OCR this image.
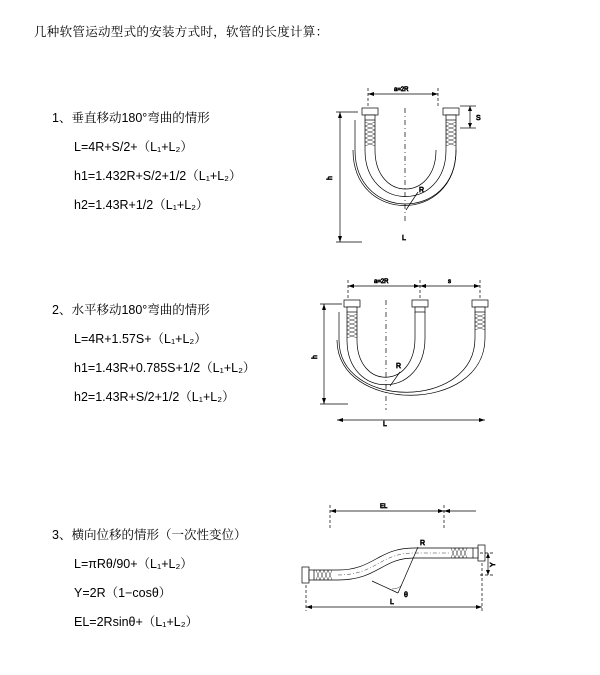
几种软管运动型式的安装方式时，软管的长度计算：
1、垂直移动180°弯曲的情形
L=4R+S/2+（L₁+L₂）
h1=1.432R+S/2+1/2（L₁+L₂）
h2=1.43R+1/2（L₁+L₂）
a=2R
R
L
h
S
2、水平移动180°弯曲的情形
L=4R+1.57S+（L₁+L₂）
h1=1.43R+0.785S+1/2（L₁+L₂）
h2=1.43R+S/2+1/2（L₁+L₂）
a=2R	s
h
R
L
3、横向位移的情形（一次性变位）
L=πRθ/90+（L₁+L₂）
Y=2R（1−cosθ）
EL=2Rsinθ+（L₁+L₂）
EL
R
θ
Y
L
